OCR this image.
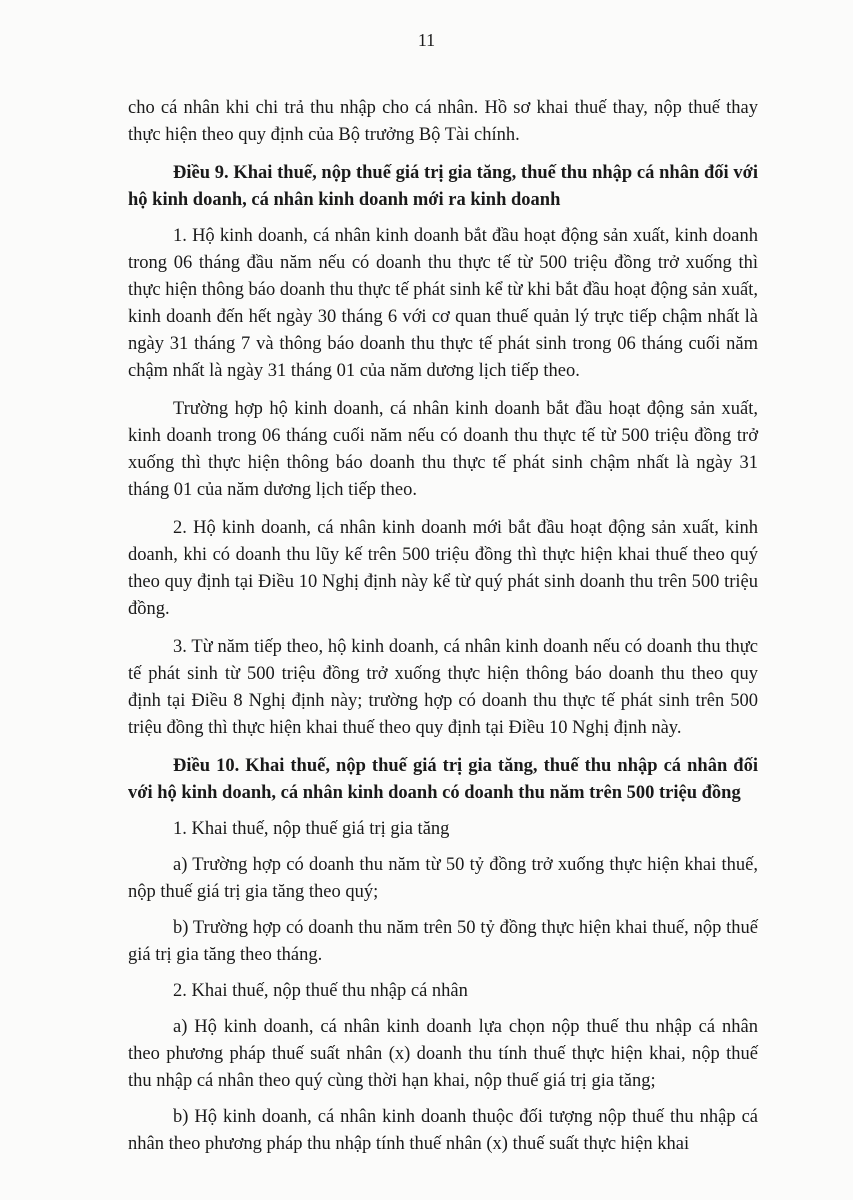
11

cho cá nhân khi chi trả thu nhập cho cá nhân. Hồ sơ khai thuế thay, nộp thuế thay thực hiện theo quy định của Bộ trưởng Bộ Tài chính.

Điều 9. Khai thuế, nộp thuế giá trị gia tăng, thuế thu nhập cá nhân đối với hộ kinh doanh, cá nhân kinh doanh mới ra kinh doanh

1. Hộ kinh doanh, cá nhân kinh doanh bắt đầu hoạt động sản xuất, kinh doanh trong 06 tháng đầu năm nếu có doanh thu thực tế từ 500 triệu đồng trở xuống thì thực hiện thông báo doanh thu thực tế phát sinh kể từ khi bắt đầu hoạt động sản xuất, kinh doanh đến hết ngày 30 tháng 6 với cơ quan thuế quản lý trực tiếp chậm nhất là ngày 31 tháng 7 và thông báo doanh thu thực tế phát sinh trong 06 tháng cuối năm chậm nhất là ngày 31 tháng 01 của năm dương lịch tiếp theo.

Trường hợp hộ kinh doanh, cá nhân kinh doanh bắt đầu hoạt động sản xuất, kinh doanh trong 06 tháng cuối năm nếu có doanh thu thực tế từ 500 triệu đồng trở xuống thì thực hiện thông báo doanh thu thực tế phát sinh chậm nhất là ngày 31 tháng 01 của năm dương lịch tiếp theo.

2. Hộ kinh doanh, cá nhân kinh doanh mới bắt đầu hoạt động sản xuất, kinh doanh, khi có doanh thu lũy kế trên 500 triệu đồng thì thực hiện khai thuế theo quý theo quy định tại Điều 10 Nghị định này kể từ quý phát sinh doanh thu trên 500 triệu đồng.

3. Từ năm tiếp theo, hộ kinh doanh, cá nhân kinh doanh nếu có doanh thu thực tế phát sinh từ 500 triệu đồng trở xuống thực hiện thông báo doanh thu theo quy định tại Điều 8 Nghị định này; trường hợp có doanh thu thực tế phát sinh trên 500 triệu đồng thì thực hiện khai thuế theo quy định tại Điều 10 Nghị định này.

Điều 10. Khai thuế, nộp thuế giá trị gia tăng, thuế thu nhập cá nhân đối với hộ kinh doanh, cá nhân kinh doanh có doanh thu năm trên 500 triệu đồng

1. Khai thuế, nộp thuế giá trị gia tăng

a) Trường hợp có doanh thu năm từ 50 tỷ đồng trở xuống thực hiện khai thuế, nộp thuế giá trị gia tăng theo quý;

b) Trường hợp có doanh thu năm trên 50 tỷ đồng thực hiện khai thuế, nộp thuế giá trị gia tăng theo tháng.

2. Khai thuế, nộp thuế thu nhập cá nhân

a) Hộ kinh doanh, cá nhân kinh doanh lựa chọn nộp thuế thu nhập cá nhân theo phương pháp thuế suất nhân (x) doanh thu tính thuế thực hiện khai, nộp thuế thu nhập cá nhân theo quý cùng thời hạn khai, nộp thuế giá trị gia tăng;

b) Hộ kinh doanh, cá nhân kinh doanh thuộc đối tượng nộp thuế thu nhập cá nhân theo phương pháp thu nhập tính thuế nhân (x) thuế suất thực hiện khai
